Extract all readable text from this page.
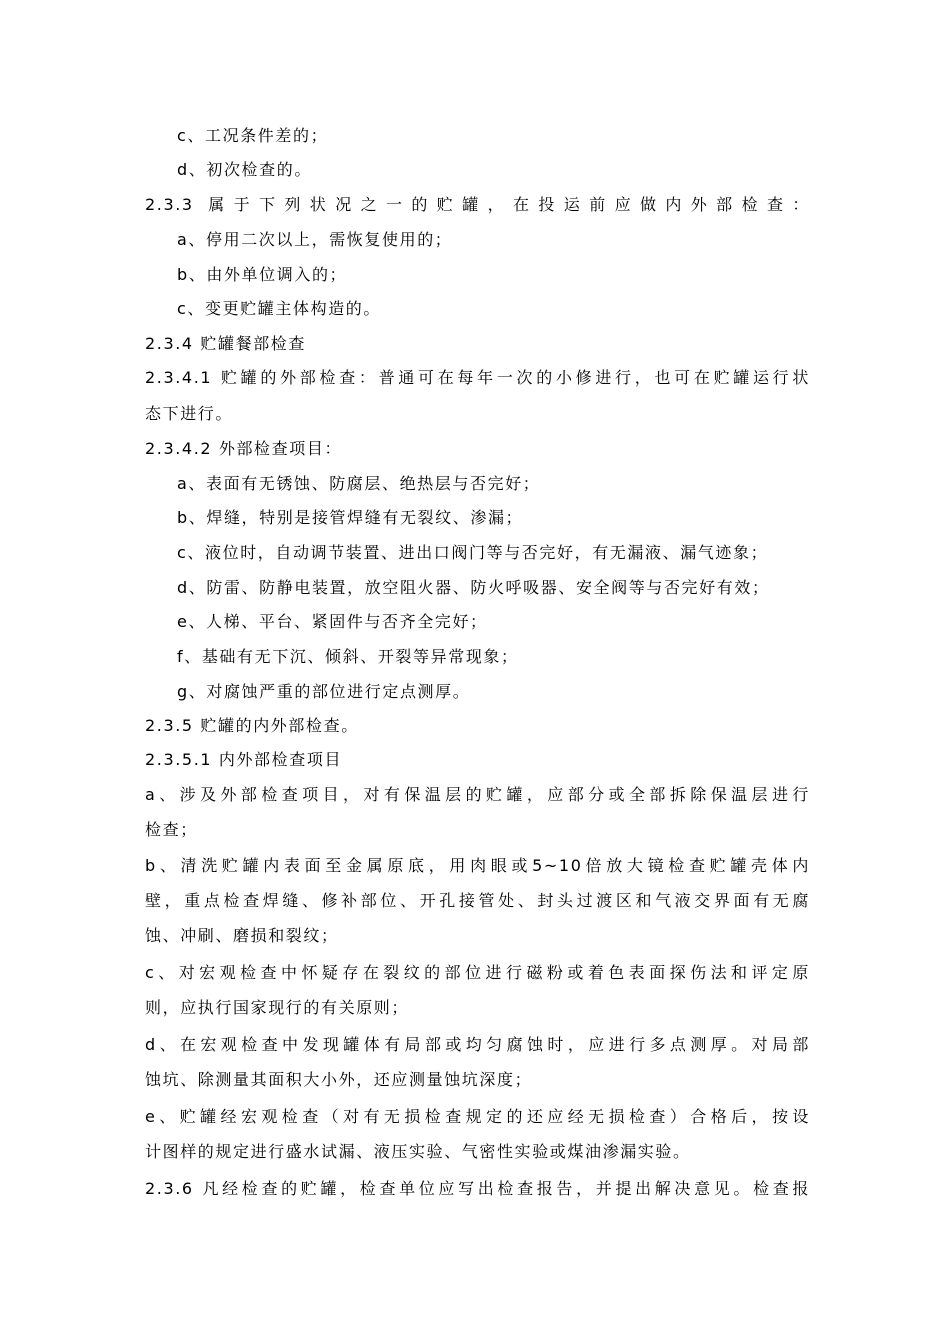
c、工况条件差的；
d、初次检查的。
2.3.3 属于下列状况之一的贮罐，在投运前应做内外部检查：
a、停用二次以上，需恢复使用的；
b、由外单位调入的；
c、变更贮罐主体构造的。
2.3.4 贮罐餐部检查
2.3.4.1 贮罐的外部检查：普通可在每年一次的小修进行，也可在贮罐运行状
态下进行。
2.3.4.2 外部检查项目：
a、表面有无锈蚀、防腐层、绝热层与否完好；
b、焊缝，特别是接管焊缝有无裂纹、渗漏；
c、液位时，自动调节装置、进出口阀门等与否完好，有无漏液、漏气迹象；
d、防雷、防静电装置，放空阻火器、防火呼吸器、安全阀等与否完好有效；
e、人梯、平台、紧固件与否齐全完好；
f、基础有无下沉、倾斜、开裂等异常现象；
g、对腐蚀严重的部位进行定点测厚。
2.3.5 贮罐的内外部检查。
2.3.5.1 内外部检查项目
a、涉及外部检查项目，对有保温层的贮罐，应部分或全部拆除保温层进行
检查；
b、清洗贮罐内表面至金属原底，用肉眼或5~10倍放大镜检查贮罐壳体内
壁，重点检查焊缝、修补部位、开孔接管处、封头过渡区和气液交界面有无腐
蚀、冲刷、磨损和裂纹；
c、对宏观检查中怀疑存在裂纹的部位进行磁粉或着色表面探伤法和评定原
则，应执行国家现行的有关原则；
d、在宏观检查中发现罐体有局部或均匀腐蚀时，应进行多点测厚。对局部
蚀坑、除测量其面积大小外，还应测量蚀坑深度；
e、贮罐经宏观检查（对有无损检查规定的还应经无损检查）合格后，按设
计图样的规定进行盛水试漏、液压实验、气密性实验或煤油渗漏实验。
2.3.6 凡经检查的贮罐，检查单位应写出检查报告，并提出解决意见。检查报
